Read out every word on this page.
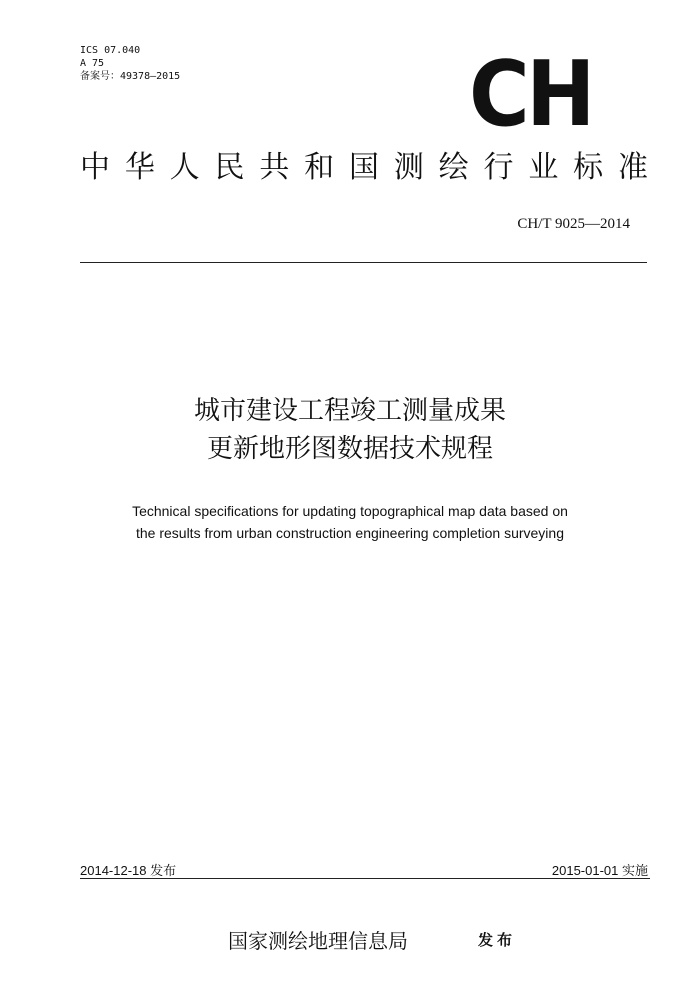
ICS 07.040
A 75
备案号：49378—2015	CH
中华人民共和国测绘行业标准
CH/T 9025—2014
城市建设工程竣工测量成果
更新地形图数据技术规程
Technical specifications for updating topographical map data based on
the results from urban construction engineering completion surveying
2014-12-18 发布	2015-01-01 实施
国家测绘地理信息局	发布
